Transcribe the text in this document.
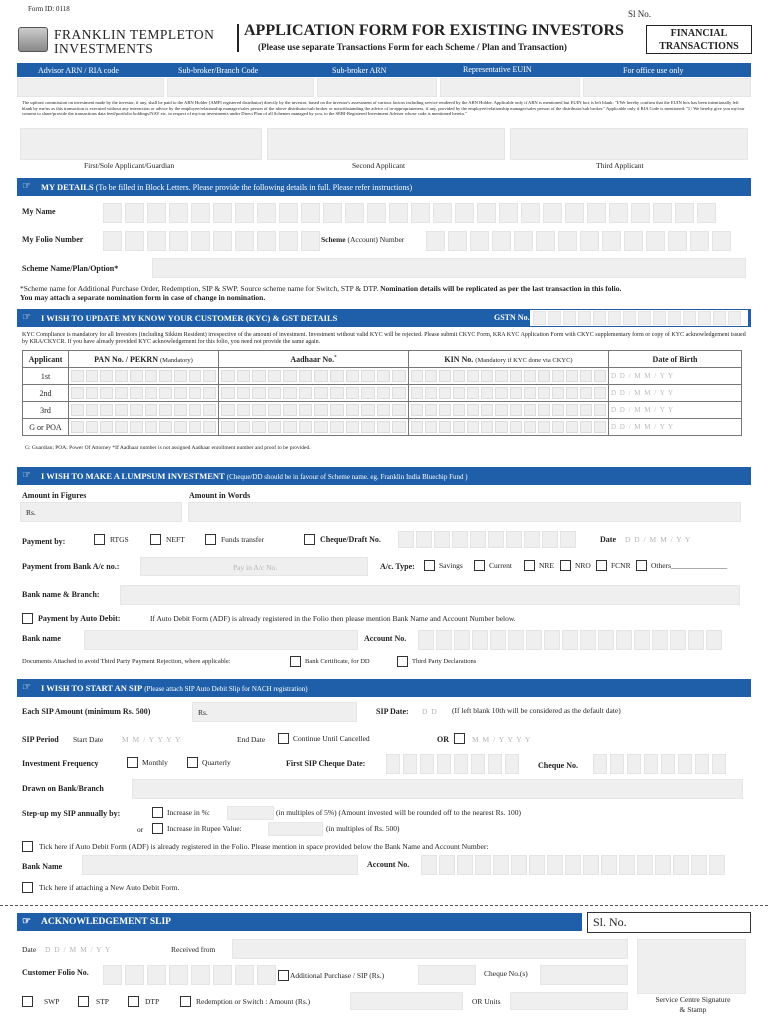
Form ID: 0118	Sl No.
FRANKLIN TEMPLETON
INVESTMENTS
APPLICATION FORM FOR EXISTING INVESTORS
(Please use separate Transactions Form for each Scheme / Plan and Transaction)
FINANCIAL
TRANSACTIONS
Advisor ARN / RIA code	Sub-broker/Branch Code	Sub-broker ARN	Representative EUIN	For office use only
The upfront commission on investment made by the investor, if any, shall be paid to the ARN Holder (AMFI registered distributor) directly by the investor, based on the investor's assessment of various factors including service rendered by the ARN Holder. Applicable only if ARN is mentioned but EUIN box is left blank: "I/We hereby confirm that the EUIN box has been intentionally left blank by me/us as this transaction is executed without any interaction or advice by the employee/relationship manager/sales person of the above distributor/sub broker or notwithstanding the advice of in-appropriateness, if any, provided by the employee/relationship manager/sales person of the distributor/sub broker." Applicable only if RIA Code is mentioned: "I / We hereby give you my/our consent to share/provide the transactions data feed/portfolio holdings/NAV etc. in respect of my/our investments under Direct Plan of all Schemes managed by you, to the SEBI-Registered Investment Adviser whose code is mentioned herein."
First/Sole Applicant/Guardian	Second Applicant	Third Applicant
☞ MY DETAILS (To be filled in Block Letters. Please provide the following details in full. Please refer instructions)
My Name
My Folio Number	Scheme (Account) Number
Scheme Name/Plan/Option*
*Scheme name for Additional Purchase Order, Redemption, SIP & SWP. Source scheme name for Switch, STP & DTP. Nomination details will be replicated as per the last transaction in this folio.
You may attach a separate nomination form in case of change in nomination.
☞ I WISH TO UPDATE MY KNOW YOUR CUSTOMER (KYC) & GST DETAILS	GSTN No.
KYC Compliance is mandatory for all Investors (including Sikkim Resident) irrespective of the amount of investment. Investment without valid KYC will be rejected. Please submit CKYC Form, KRA KYC Application Form with CKYC supplementary form or copy of KYC acknowledgement issued by KRA/CKYCR. If you have already provided KYC acknowledgement for this folio, you need not provide the same again.
Applicant	PAN No. / PEKRN (Mandatory)	Aadhaar No.*	KIN No. (Mandatory if KYC done via CKYC)	Date of Birth
1st				D D / M M / Y Y
2nd				D D / M M / Y Y
3rd				D D / M M / Y Y
G or POA				D D / M M / Y Y
G: Guardian; POA: Power Of Attorney *If Aadhaar number is not assigned Aadhaar enrollment number and proof to be provided.
☞ I WISH TO MAKE A LUMPSUM INVESTMENT (Cheque/DD should be in favour of Scheme name. eg. Franklin India Bluechip Fund )
Amount in Figures	Amount in Words
Rs.
Payment by:	RTGS	NEFT	Funds transfer	Cheque/Draft No.	Date D D / M M / Y Y
Payment from Bank A/c no.:	Pay in A/c No.	A/c. Type:	Savings	Current	NRE	NRO	FCNR	Others_______________
Bank name & Branch:
Payment by Auto Debit:	If Auto Debit Form (ADF) is already registered in the Folio then please mention Bank Name and Account Number below.
Bank name	Account No.
Documents Attached to avoid Third Party Payment Rejection, where applicable:	Bank Certificate, for DD	Third Party Declarations
☞ I WISH TO START AN SIP (Please attach SIP Auto Debit Slip for NACH registration)
Each SIP Amount (minimum Rs. 500)	Rs.	SIP Date: D D (If left blank 10th will be considered as the default date)
SIP Period Start Date	M M / Y Y Y Y	End Date	Continue Until Cancelled	OR	M M / Y Y Y Y
Investment Frequency	Monthly	Quarterly	First SIP Cheque Date:	Cheque No.
Drawn on Bank/Branch
Step-up my SIP annually by:	Increase in %:	(in multiples of 5%) (Amount invested will be rounded off to the nearest Rs. 100)
or	Increase in Rupee Value:	(in multiples of Rs. 500)
Tick here if Auto Debit Form (ADF) is already registered in the Folio. Please mention in space provided below the Bank Name and Account Number:
Bank Name	Account No.
Tick here if attaching a New Auto Debit Form.
☞ ACKNOWLEDGEMENT SLIP	Sl. No.
Date D D / M M / Y Y	Received from
Customer Folio No.	Additional Purchase / SIP (Rs.)	Cheque No.(s)
SWP	STP	DTP	Redemption or Switch : Amount (Rs.)	OR Units	Service Centre Signature
& Stamp
